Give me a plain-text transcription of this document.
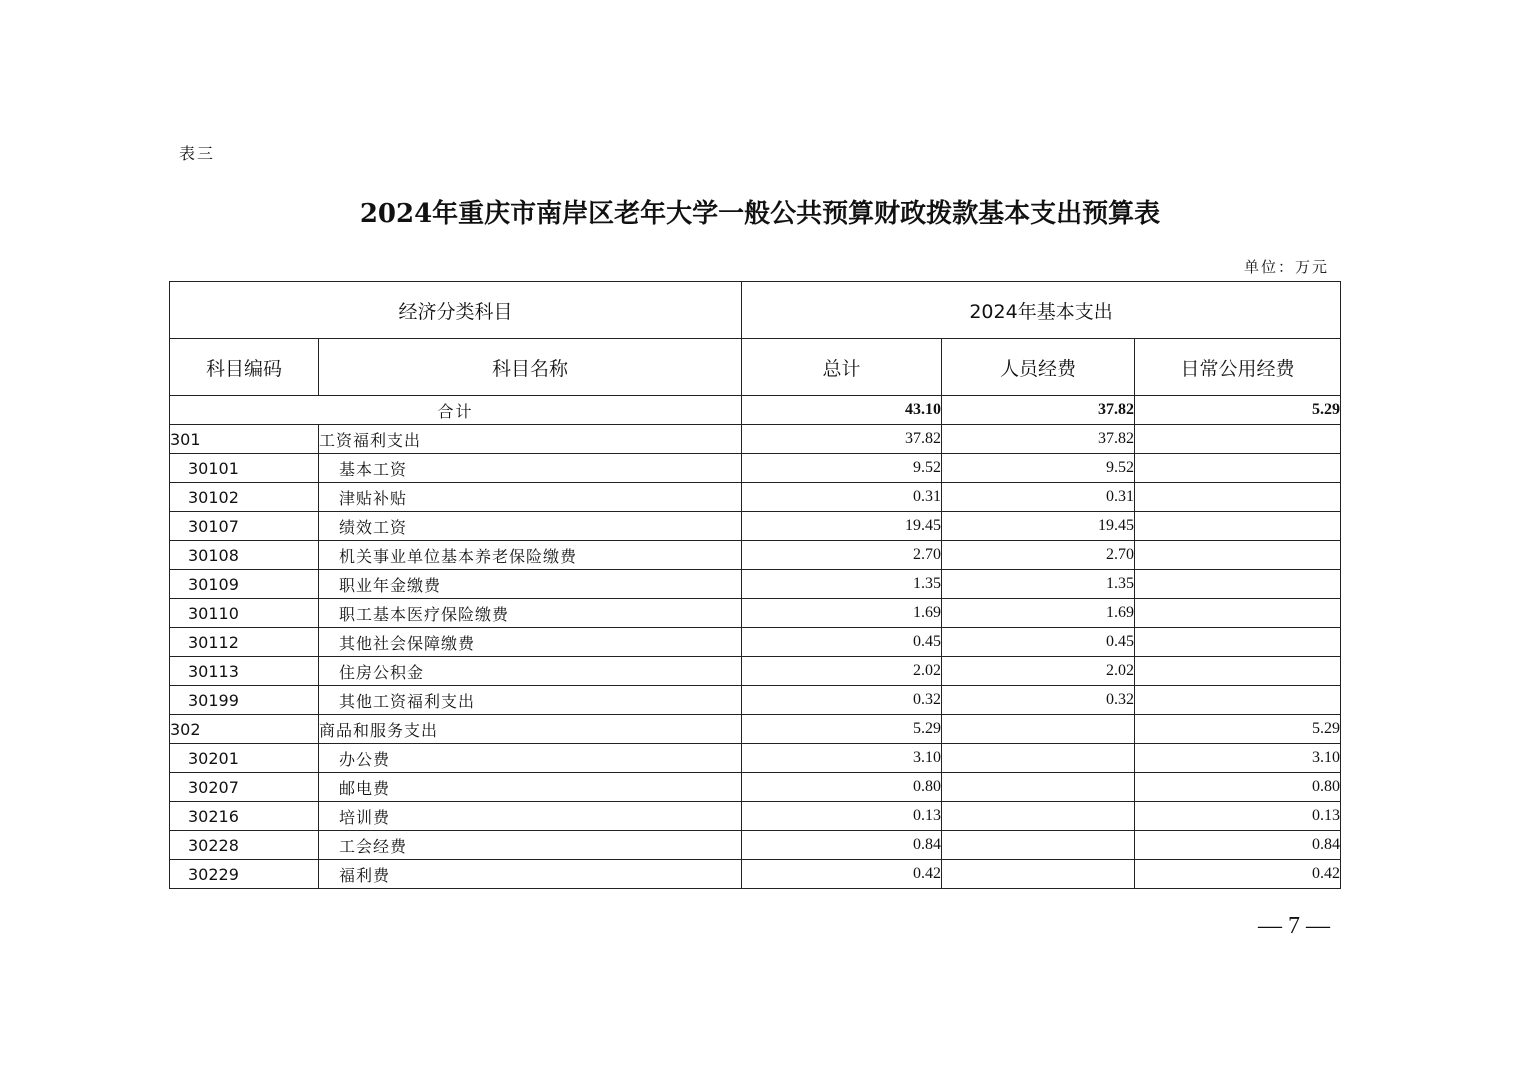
表三
2024年重庆市南岸区老年大学一般公共预算财政拨款基本支出预算表
单位：万元
经济分类科目		2024年基本支出		
科目编码	科目名称	总计	人员经费	日常公用经费
合计		43.10	37.82	5.29
301	工资福利支出	37.82	37.82	
30101	基本工资	9.52	9.52	
30102	津贴补贴	0.31	0.31	
30107	绩效工资	19.45	19.45	
30108	机关事业单位基本养老保险缴费	2.70	2.70	
30109	职业年金缴费	1.35	1.35	
30110	职工基本医疗保险缴费	1.69	1.69	
30112	其他社会保障缴费	0.45	0.45	
30113	住房公积金	2.02	2.02	
30199	其他工资福利支出	0.32	0.32	
302	商品和服务支出	5.29		5.29
30201	办公费	3.10		3.10
30207	邮电费	0.80		0.80
30216	培训费	0.13		0.13
30228	工会经费	0.84		0.84
30229	福利费	0.42		0.42
— 7 —
